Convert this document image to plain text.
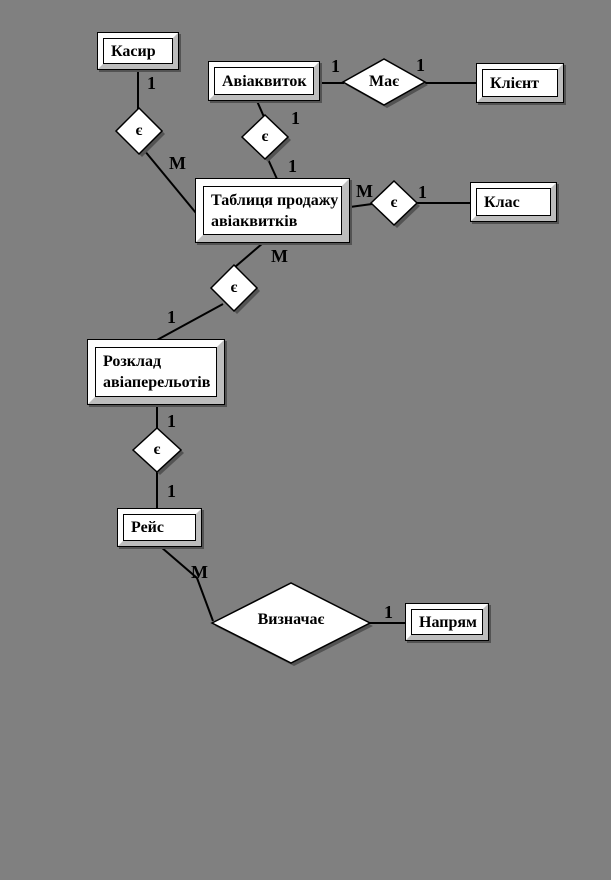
Касир
Авіаквиток	Клієнт
Таблиця продажу
авіаквитків
Клас
Розклад
авіаперельотів
Рейс
Напрям
є	є
є
є
є
Має
Визначає
1
М
1
1
1	1
М	1
М
1
1
1
М
1
